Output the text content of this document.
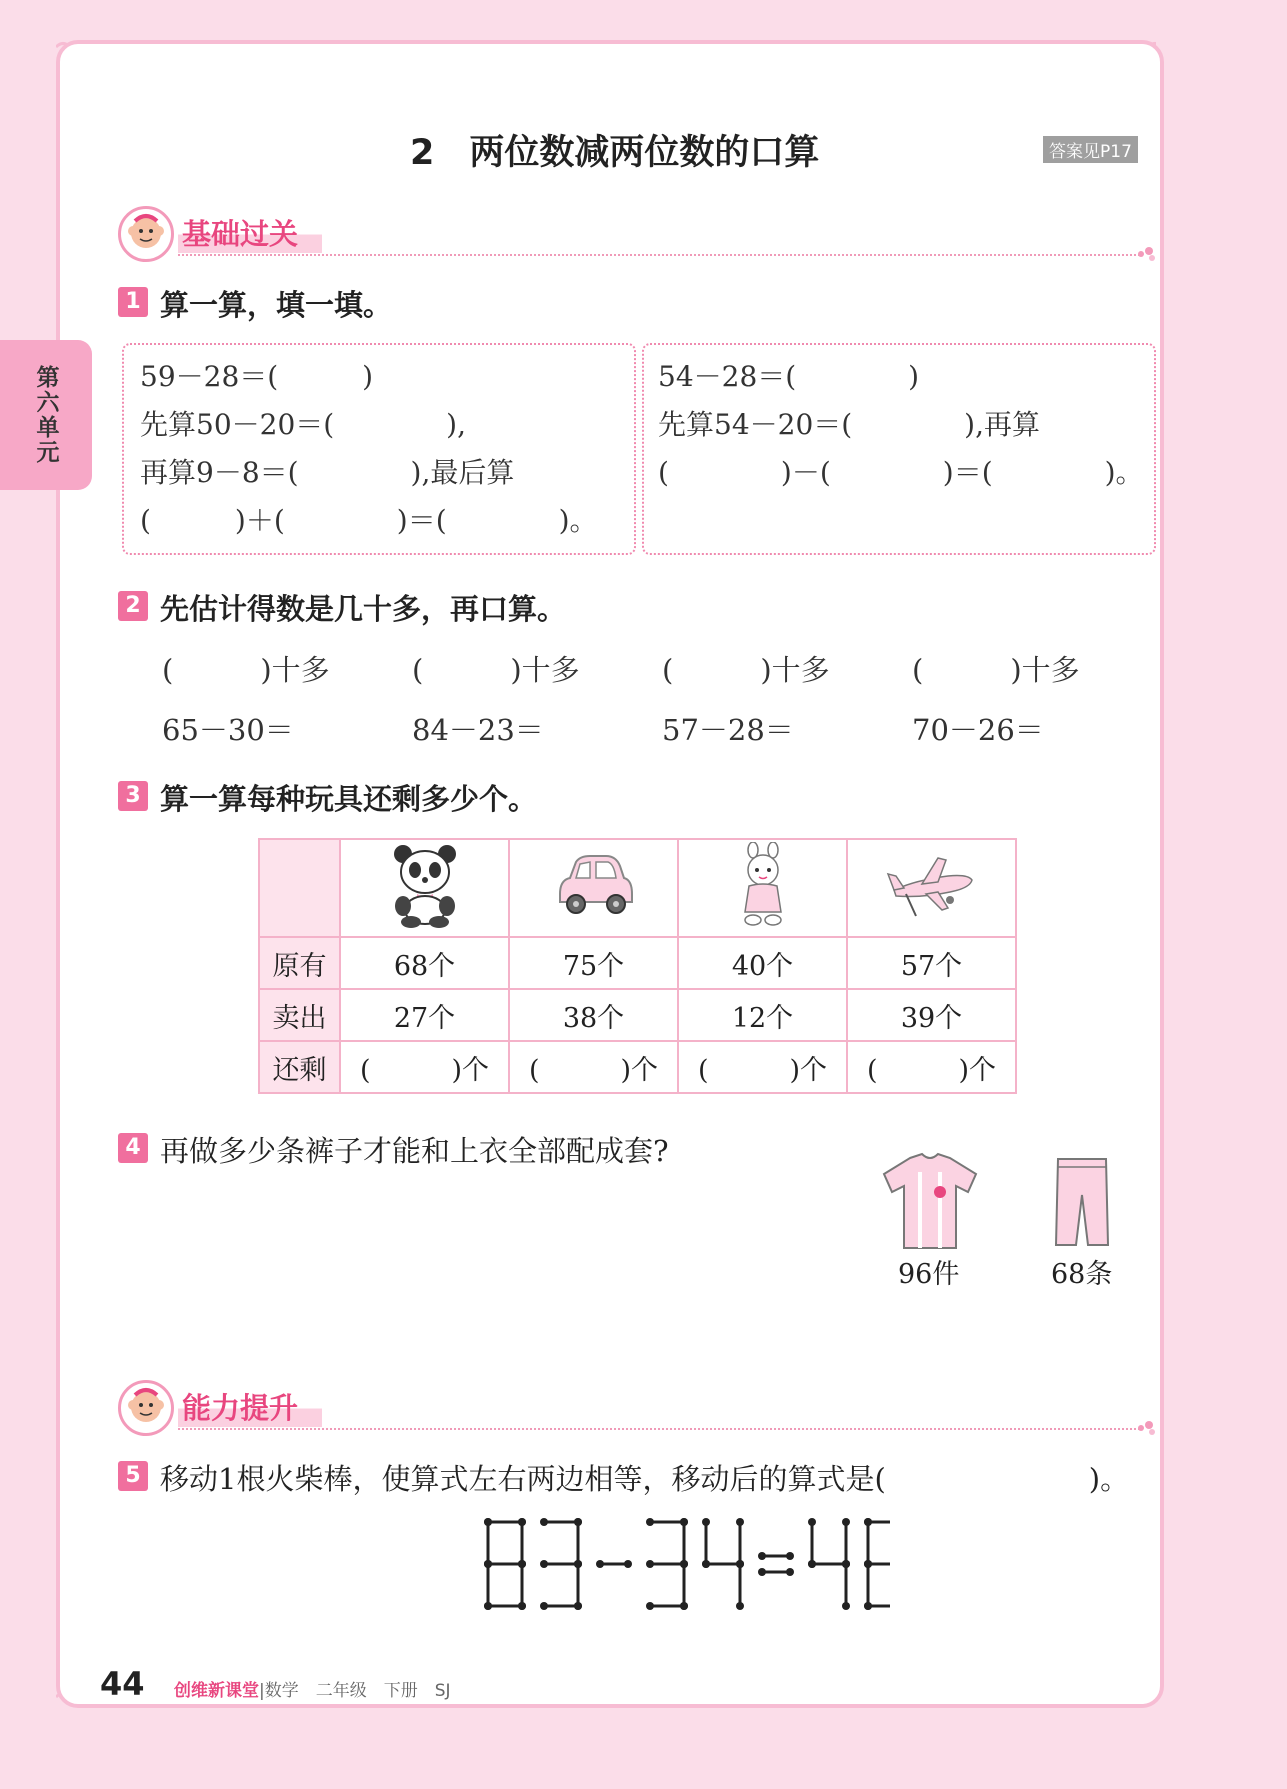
第六单元
2　两位数减两位数的口算	答案见P17
基础过关
1 算一算，填一填。
59－28＝(　　　)
先算50－20＝(　　　　),
再算9－8＝(　　　　),最后算
(　　　)＋(　　　　)＝(　　　　)。
54－28＝(　　　　)
先算54－20＝(　　　　),再算
(　　　　)－(　　　　)＝(　　　　)。
2 先估计得数是几十多，再口算。
(　　　)十多	(　　　)十多	(　　　)十多	(　　　)十多
65－30＝	84－23＝	57－28＝	70－26＝
3 算一算每种玩具还剩多少个。

原有	68个	75个	40个	57个
卖出	27个	38个	12个	39个
还剩	(　　　)个	(　　　)个	(　　　)个	(　　　)个
4 再做多少条裤子才能和上衣全部配成套?
96件	68条
能力提升
5 移动1根火柴棒，使算式左右两边相等，移动后的算式是(　　　　　　　)。
44 创维新课堂|数学　二年级　下册　SJ
